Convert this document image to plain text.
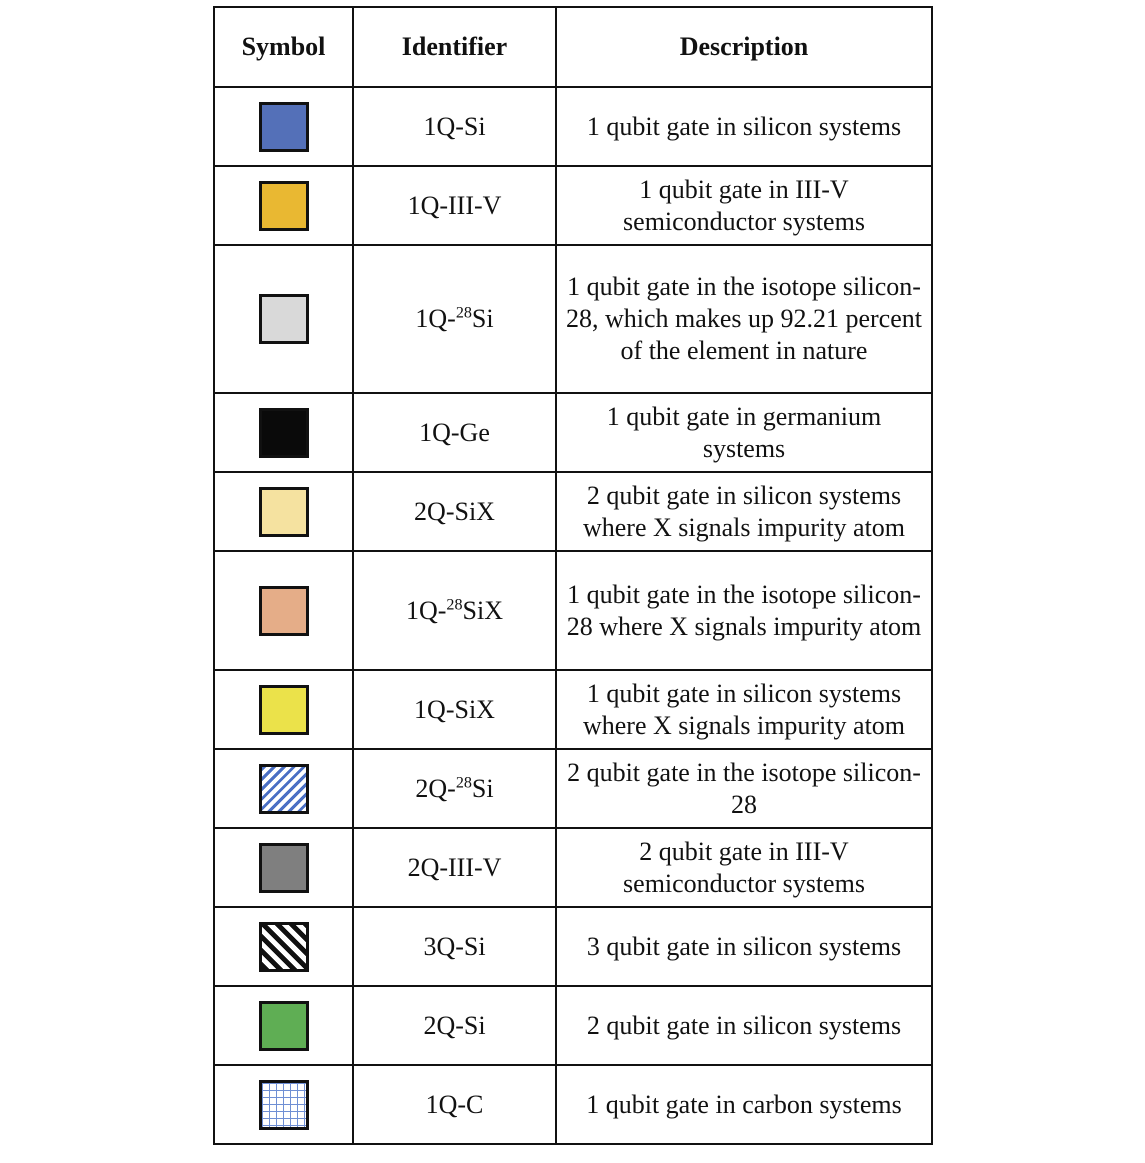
Symbol	Identifier	Description
	1Q-Si	1 qubit gate in silicon systems
	1Q-III-V	1 qubit gate in III-V semiconductor systems
	1Q-$^{28}$Si	1 qubit gate in the isotope silicon-28, which makes up 92.21 percent of the element in nature
	1Q-Ge	1 qubit gate in germanium systems
	2Q-SiX	2 qubit gate in silicon systems where X signals impurity atom
	1Q-$^{28}$SiX	1 qubit gate in the isotope silicon-28 where X signals impurity atom
	1Q-SiX	1 qubit gate in silicon systems where X signals impurity atom
	2Q-$^{28}$Si	2 qubit gate in the isotope silicon-28
	2Q-III-V	2 qubit gate in III-V semiconductor systems
	3Q-Si	3 qubit gate in silicon systems
	2Q-Si	2 qubit gate in silicon systems
	1Q-C	1 qubit gate in carbon systems
